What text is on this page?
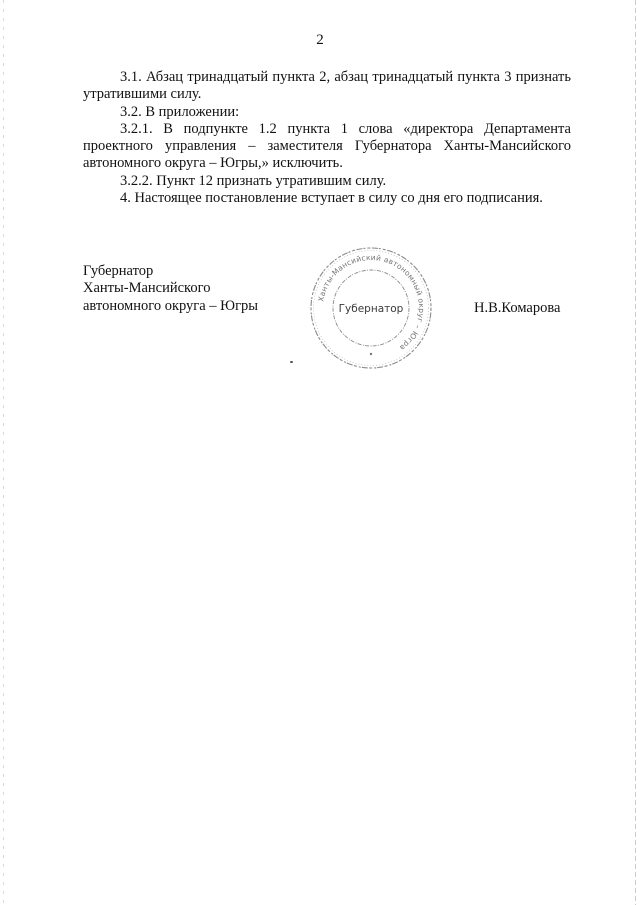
2

3.1. Абзац тринадцатый пункта 2, абзац тринадцатый пункта 3 признать утратившими силу.

3.2. В приложении:

3.2.1. В подпункте 1.2 пункта 1 слова «директора Департамента проектного управления – заместителя Губернатора Ханты-Мансийского автономного округа – Югры,» исключить.

3.2.2. Пункт 12 признать утратившим силу.

4. Настоящее постановление вступает в силу со дня его подписания.

Губернатор
Ханты-Мансийского
автономного округа – Югры	Ханты-Мансийский автономный округ – Югра
Губернатор	Н.В.Комарова
